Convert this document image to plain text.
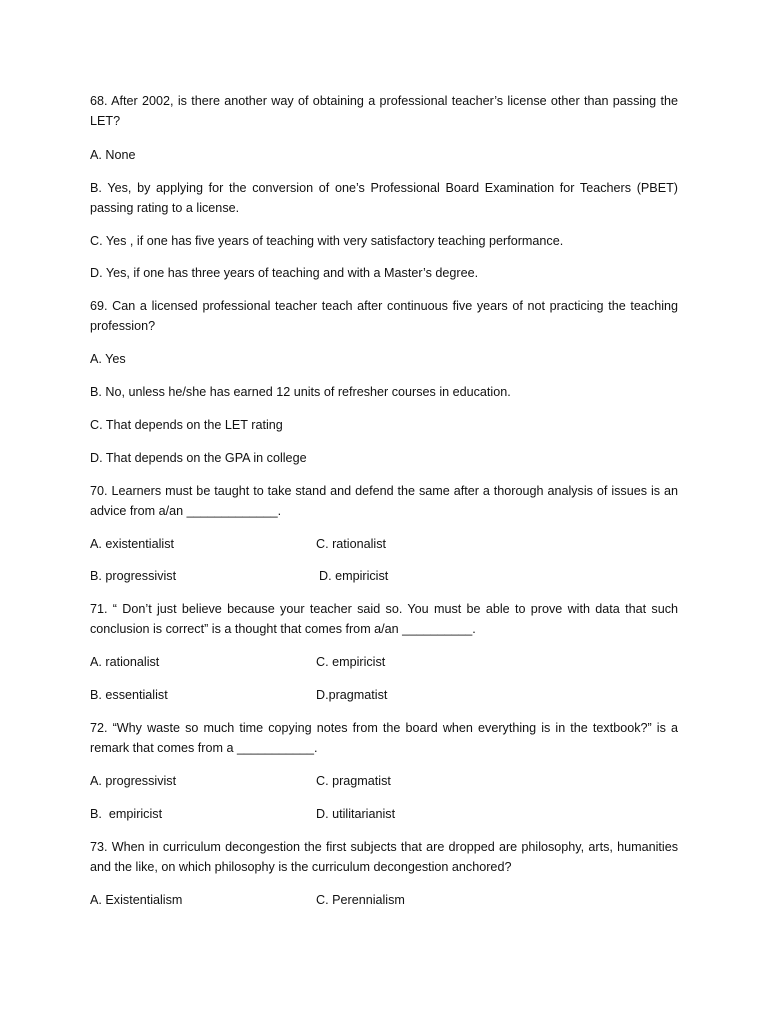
68. After 2002, is there another way of obtaining a professional teacher’s license other than passing the LET?

A. None

B. Yes, by applying for the conversion of one’s Professional Board Examination for Teachers (PBET) passing rating to a license.

C. Yes , if one has five years of teaching with very satisfactory teaching performance.

D. Yes, if one has three years of teaching and with a Master’s degree.

69. Can a licensed professional teacher teach after continuous five years of not practicing the teaching profession?

A. Yes

B. No, unless he/she has earned 12 units of refresher courses in education.

C. That depends on the LET rating

D. That depends on the GPA in college

70. Learners must be taught to take stand and defend the same after a thorough analysis of issues is an advice from a/an _____________.

A. existentialist	C. rationalist

B. progressivist	D. empiricist

71. “ Don’t just believe because your teacher said so. You must be able to prove with data that such conclusion is correct” is a thought that comes from a/an __________.

A. rationalist	C. empiricist

B. essentialist	D.pragmatist

72. “Why waste so much time copying notes from the board when everything is in the textbook?” is a remark that comes from a ___________.

A. progressivist	C. pragmatist

B.  empiricist	D. utilitarianist

73. When in curriculum decongestion the first subjects that are dropped are philosophy, arts, humanities and the like, on which philosophy is the curriculum decongestion anchored?

A. Existentialism	C. Perennialism
